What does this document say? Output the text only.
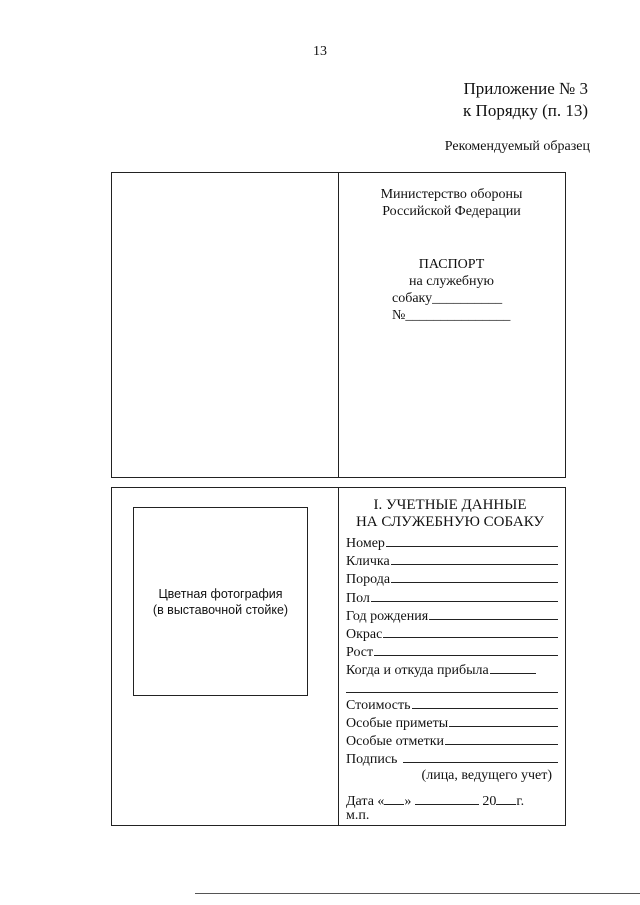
13
Приложение № 3
к Порядку (п. 13)
Рекомендуемый образец
Министерство обороны
Российской Федерации
ПАСПОРТ
на служебную
собаку__________
№_______________
Цветная фотография
(в выставочной стойке)
I. УЧЕТНЫЕ ДАННЫЕ
НА СЛУЖЕБНУЮ СОБАКУ
Номер
Кличка
Порода
Пол
Год рождения
Окрас
Рост
Когда и откуда прибыла
Стоимость
Особые приметы
Особые отметки
Подпись
(лица, ведущего учет)
Дата « »	20 г.
м.п.
